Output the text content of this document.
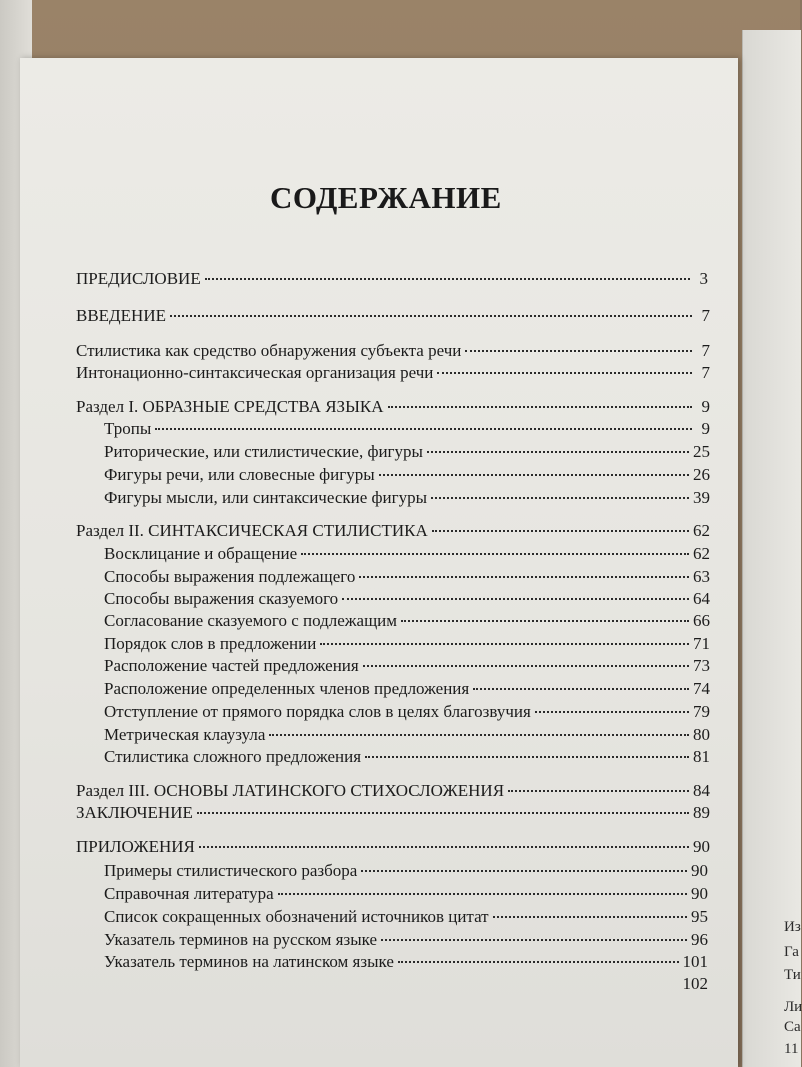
СОДЕРЖАНИЕ
ПРЕДИСЛОВИЕ	3
ВВЕДЕНИЕ	7
Стилистика как средство обнаружения субъекта речи	7
Интонационно-синтаксическая организация речи	7
Раздел I. ОБРАЗНЫЕ СРЕДСТВА ЯЗЫКА	9
Тропы	9
Риторические, или стилистические, фигуры	25
Фигуры речи, или словесные фигуры	26
Фигуры мысли, или синтаксические фигуры	39
Раздел II. СИНТАКСИЧЕСКАЯ СТИЛИСТИКА	62
Восклицание и обращение	62
Способы выражения подлежащего	63
Способы выражения сказуемого	64
Согласование сказуемого с подлежащим	66
Порядок слов в предложении	71
Расположение частей предложения	73
Расположение определенных членов предложения	74
Отступление от прямого порядка слов в целях благозвучия	79
Метрическая клаузула	80
Стилистика сложного предложения	81
Раздел III. ОСНОВЫ ЛАТИНСКОГО СТИХОСЛОЖЕНИЯ	84
ЗАКЛЮЧЕНИЕ	89
ПРИЛОЖЕНИЯ	90
Примеры стилистического разбора	90
Справочная литература	90
Список сокращенных обозначений источников цитат	95
Указатель терминов на русском языке	96
Указатель терминов на латинском языке	101
102
Из
Га
Ти
Ли
Са
11
